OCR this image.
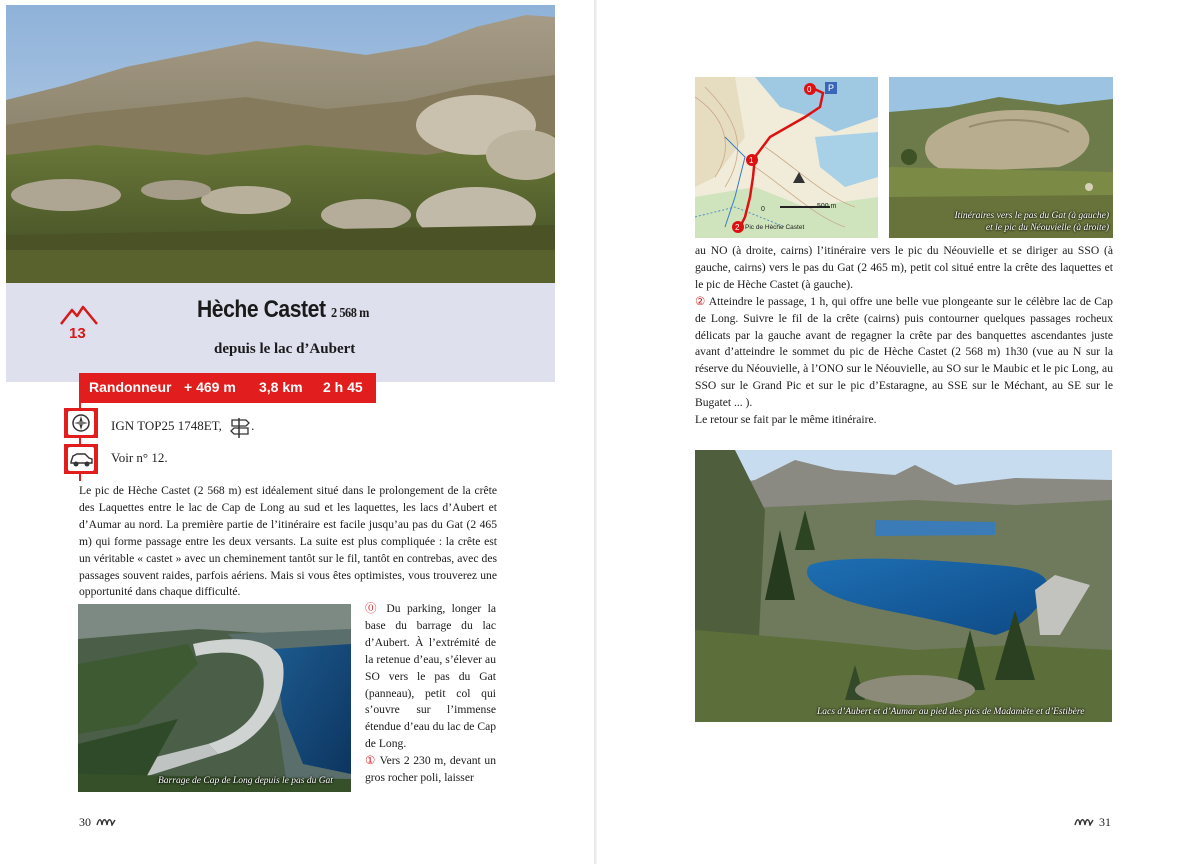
13
Hèche Castet 2 568 m
depuis le lac d’Aubert
Randonneur + 469 m 3,8 km 2 h 45
IGN TOP25 1748ET, .
Voir n° 12.

Le pic de Hèche Castet (2 568 m) est idéalement situé dans le prolongement de la crête des Laquettes entre le lac de Cap de Long au sud et les laquettes, les lacs d’Aubert et d’Aumar au nord. La première partie de l’itinéraire est facile jusqu’au pas du Gat (2 465 m) qui forme passage entre les deux versants. La suite est plus compliquée : la crête est un véritable « castet » avec un cheminement tantôt sur le fil, tantôt en contrebas, avec des passages souvent raides, parfois aériens. Mais si vous êtes optimistes, vous trouverez une opportunité dans chaque difficulté.

Barrage de Cap de Long depuis le pas du Gat

⓪ Du parking, longer la base du barrage du lac d’Aubert. À l’extrémité de la retenue d’eau, s’élever au SO vers le pas du Gat (panneau), petit col qui s’ouvre sur l’immense étendue d’eau du lac de Cap de Long.

① Vers 2 230 m, devant un gros rocher poli, laisser

30
0
1
2
P
0	500 m
Pic de Hèche Castet
Itinéraires vers le pas du Gat (à gauche)
et le pic du Néouvielle (à droite)

au NO (à droite, cairns) l’itinéraire vers le pic du Néouvielle et se diriger au SSO (à gauche, cairns) vers le pas du Gat (2 465 m), petit col situé entre la crête des laquettes et le pic de Hèche Castet (à gauche).

② Atteindre le passage, 1 h, qui offre une belle vue plongeante sur le célèbre lac de Cap de Long. Suivre le fil de la crête (cairns) puis contourner quelques passages rocheux délicats par la gauche avant de regagner la crête par des banquettes ascendantes juste avant d’atteindre le sommet du pic de Hèche Castet (2 568 m) 1h30 (vue au N sur la réserve du Néouvielle, à l’ONO sur le Néouvielle, au SO sur le Maubic et le pic Long, au SSO sur le Grand Pic et sur le pic d’Estaragne, au SSE sur le Méchant, au SE sur le Bugatet ... ).

Le retour se fait par le même itinéraire.

Lacs d’Aubert et d’Aumar au pied des pics de Madamète et d’Estibère
31
